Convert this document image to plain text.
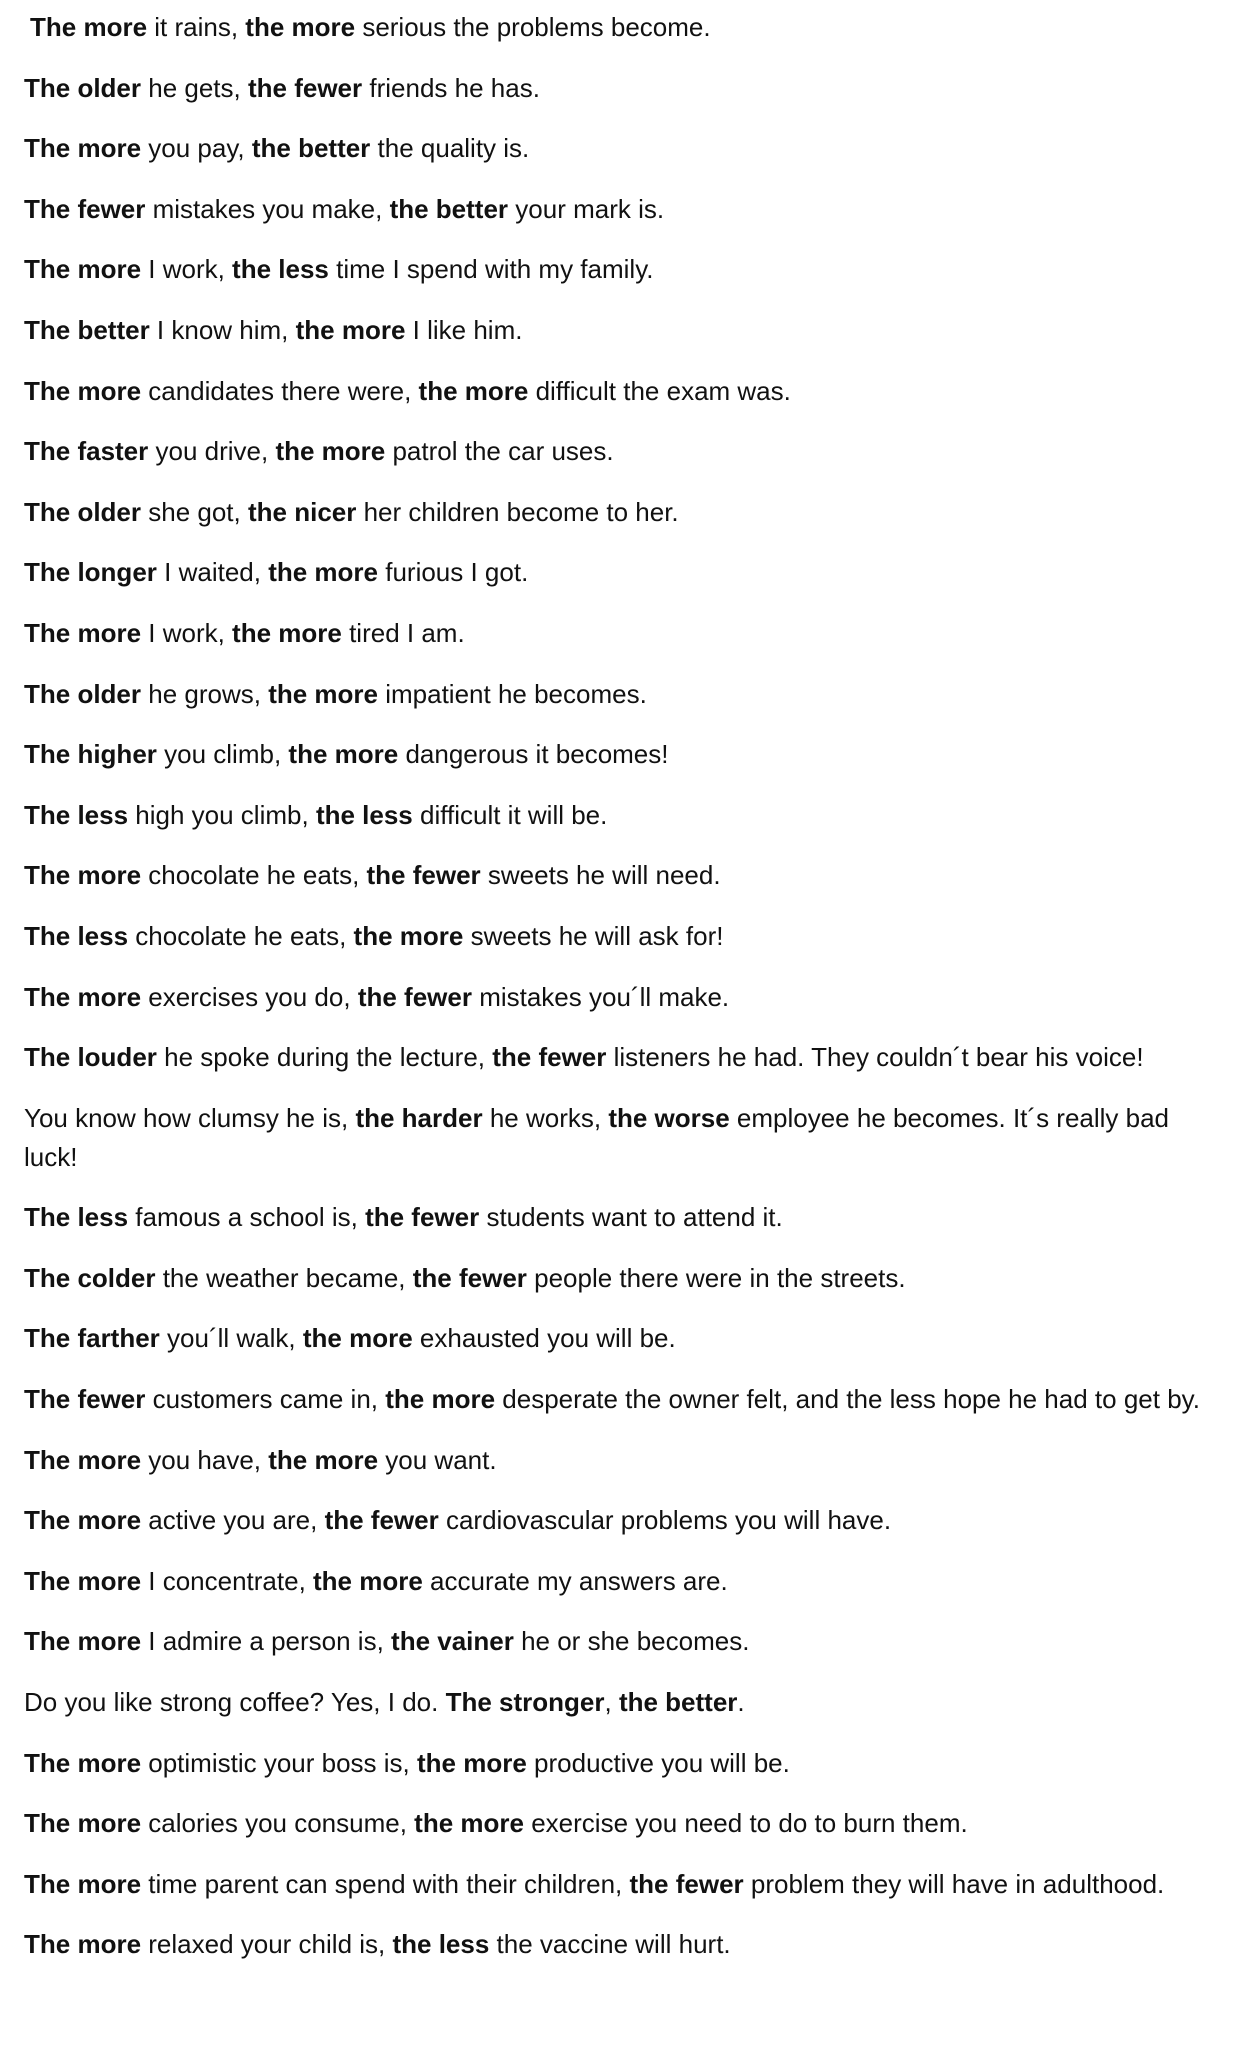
The more it rains, the more serious the problems become.

The older he gets, the fewer friends he has.

The more you pay, the better the quality is.

The fewer mistakes you make, the better your mark is.

The more I work, the less time I spend with my family.

The better I know him, the more I like him.

The more candidates there were, the more difficult the exam was.

The faster you drive, the more patrol the car uses.

The older she got, the nicer her children become to her.

The longer I waited, the more furious I got.

The more I work, the more tired I am.

The older he grows, the more impatient he becomes.

The higher you climb, the more dangerous it becomes!

The less high you climb, the less difficult it will be.

The more chocolate he eats, the fewer sweets he will need.

The less chocolate he eats, the more sweets he will ask for!

The more exercises you do, the fewer mistakes you´ll make.

The louder he spoke during the lecture, the fewer listeners he had. They couldn´t bear his voice!

You know how clumsy he is, the harder he works, the worse employee he becomes. It´s really bad luck!

The less famous a school is, the fewer students want to attend it.

The colder the weather became, the fewer people there were in the streets.

The farther you´ll walk, the more exhausted you will be.

The fewer customers came in, the more desperate the owner felt, and the less hope he had to get by.

The more you have, the more you want.

The more active you are, the fewer cardiovascular problems you will have.

The more I concentrate, the more accurate my answers are.

The more I admire a person is, the vainer he or she becomes.

Do you like strong coffee? Yes, I do. The stronger, the better.

The more optimistic your boss is, the more productive you will be.

The more calories you consume, the more exercise you need to do to burn them.

The more time parent can spend with their children, the fewer problem they will have in adulthood.

The more relaxed your child is, the less the vaccine will hurt.
